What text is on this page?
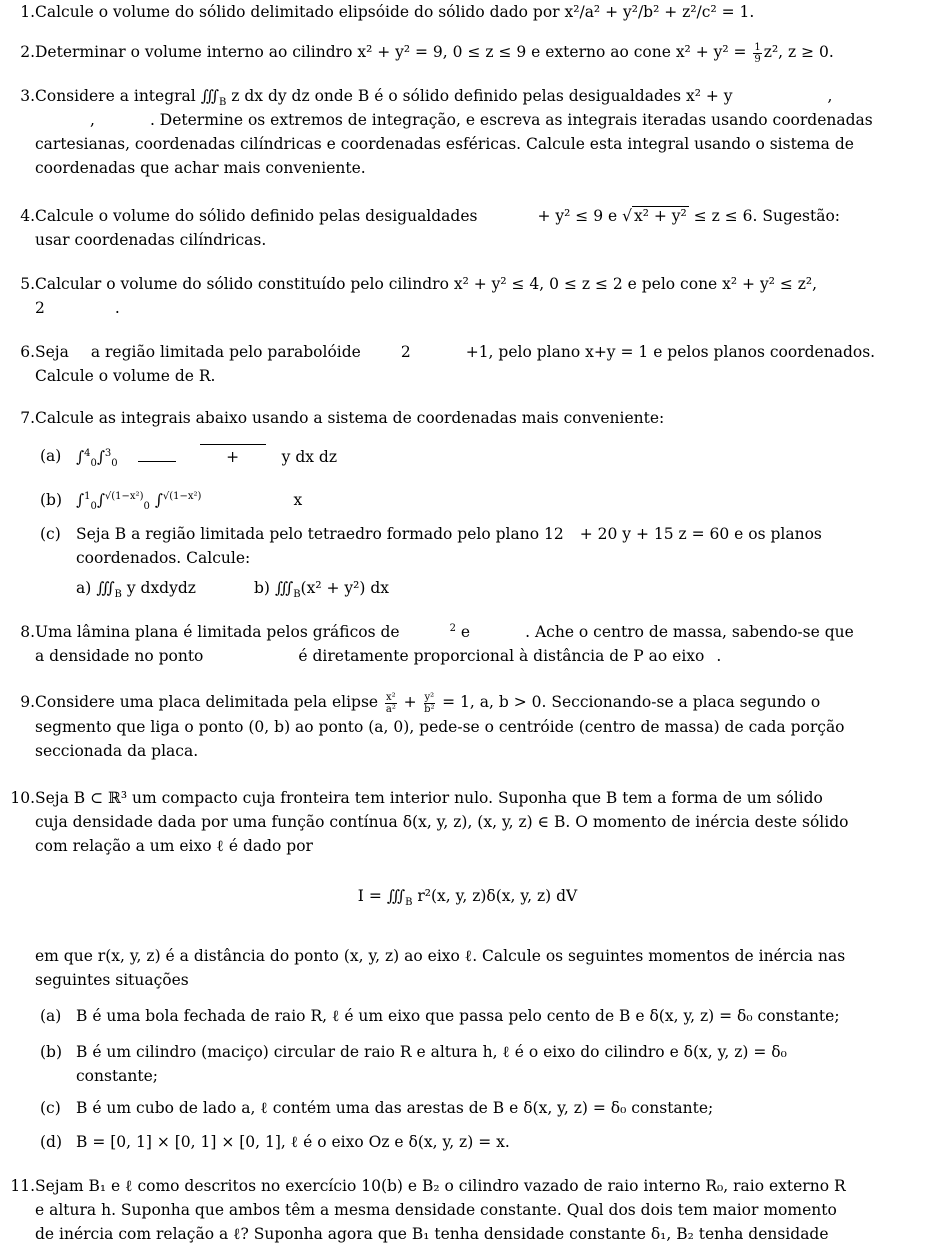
1. Calcule o volume do sólido delimitado elipsóide do sólido dado por x²/a² + y²/b² + z²/c² = 1.
2. Determinar o volume interno ao cilindro x² + y² = 9, 0 ≤ z ≤ 9 e externo ao cone $x^2 + y^2 = \frac{1}{9} z^2$, z ≥ 0.
3. Considere a integral $∭_B$ z dx dy dz onde B é o sólido definido pelas desigualdades x² + y	,
,	. Determine os extremos de integração, e escreva as integrais iteradas usando coordenadas
cartesianas, coordenadas cilíndricas e coordenadas esféricas. Calcule esta integral usando o sistema de
coordenadas que achar mais conveniente.
4. Calcule o volume do sólido definido pelas desigualdades	+ y² ≤ 9 e √ x² + y² ≤ z ≤ 6. Sugestão:
usar coordenadas cilíndricas.
5. Calcular o volume do sólido constituído pelo cilindro x² + y² ≤ 4, 0 ≤ z ≤ 2 e pelo cone x² + y² ≤ z²,
2	.
6. Seja a região limitada pelo parabolóide	2	+1, pelo plano x+y = 1 e pelos planos coordenados.
Calcule o volume de R.
7. Calcule as integrais abaixo usando a sistema de coordenadas mais conveniente:
(a) ∫$^4_0$∫$^3_0$	+	y dx dz
(b) ∫$^1_0$∫$^{√(1-x^2)}_0$ ∫$^{√(1-x^2)}$	x
(c) Seja B a região limitada pelo tetraedro formado pelo plano 12 + 20 y + 15 z = 60 e os planos
coordenados. Calcule:
a) $∭_B$ y dxdydz	b) $∭_B(x^2 + y^2)$ dx
8. Uma lâmina plana é limitada pelos gráficos de	$^2$ e	. Ache o centro de massa, sabendo-se que
a densidade no ponto	é diretamente proporcional à distância de P ao eixo .
9. Considere uma placa delimitada pela elipse $\frac{\text{x²}}{\text{a²}} + \frac{\text{y²}}{\text{b²}} = 1$, a, b > 0. Seccionando-se a placa segundo o
segmento que liga o ponto (0, b) ao ponto (a, 0), pede-se o centróide (centro de massa) de cada porção
seccionada da placa.
10. Seja B ⊂ ℝ³ um compacto cuja fronteira tem interior nulo. Suponha que B tem a forma de um sólido
cuja densidade dada por uma função contínua δ(x, y, z), (x, y, z) ∈ B. O momento de inércia deste sólido
com relação a um eixo ℓ é dado por
$I = ∭_B$ r²(x, y, z)δ(x, y, z) dV
em que r(x, y, z) é a distância do ponto (x, y, z) ao eixo ℓ. Calcule os seguintes momentos de inércia nas
seguintes situações
(a) B é uma bola fechada de raio R, ℓ é um eixo que passa pelo cento de B e δ(x, y, z) = δ₀ constante;
(b) B é um cilindro (maciço) circular de raio R e altura h, ℓ é o eixo do cilindro e δ(x, y, z) = δ₀
constante;
(c) B é um cubo de lado a, ℓ contém uma das arestas de B e δ(x, y, z) = δ₀ constante;
(d) B = [0, 1] × [0, 1] × [0, 1], ℓ é o eixo Oz e δ(x, y, z) = x.
11. Sejam B₁ e ℓ como descritos no exercício 10(b) e B₂ o cilindro vazado de raio interno R₀, raio externo R
e altura h. Suponha que ambos têm a mesma densidade constante. Qual dos dois tem maior momento
de inércia com relação a ℓ? Suponha agora que B₁ tenha densidade constante δ₁, B₂ tenha densidade
